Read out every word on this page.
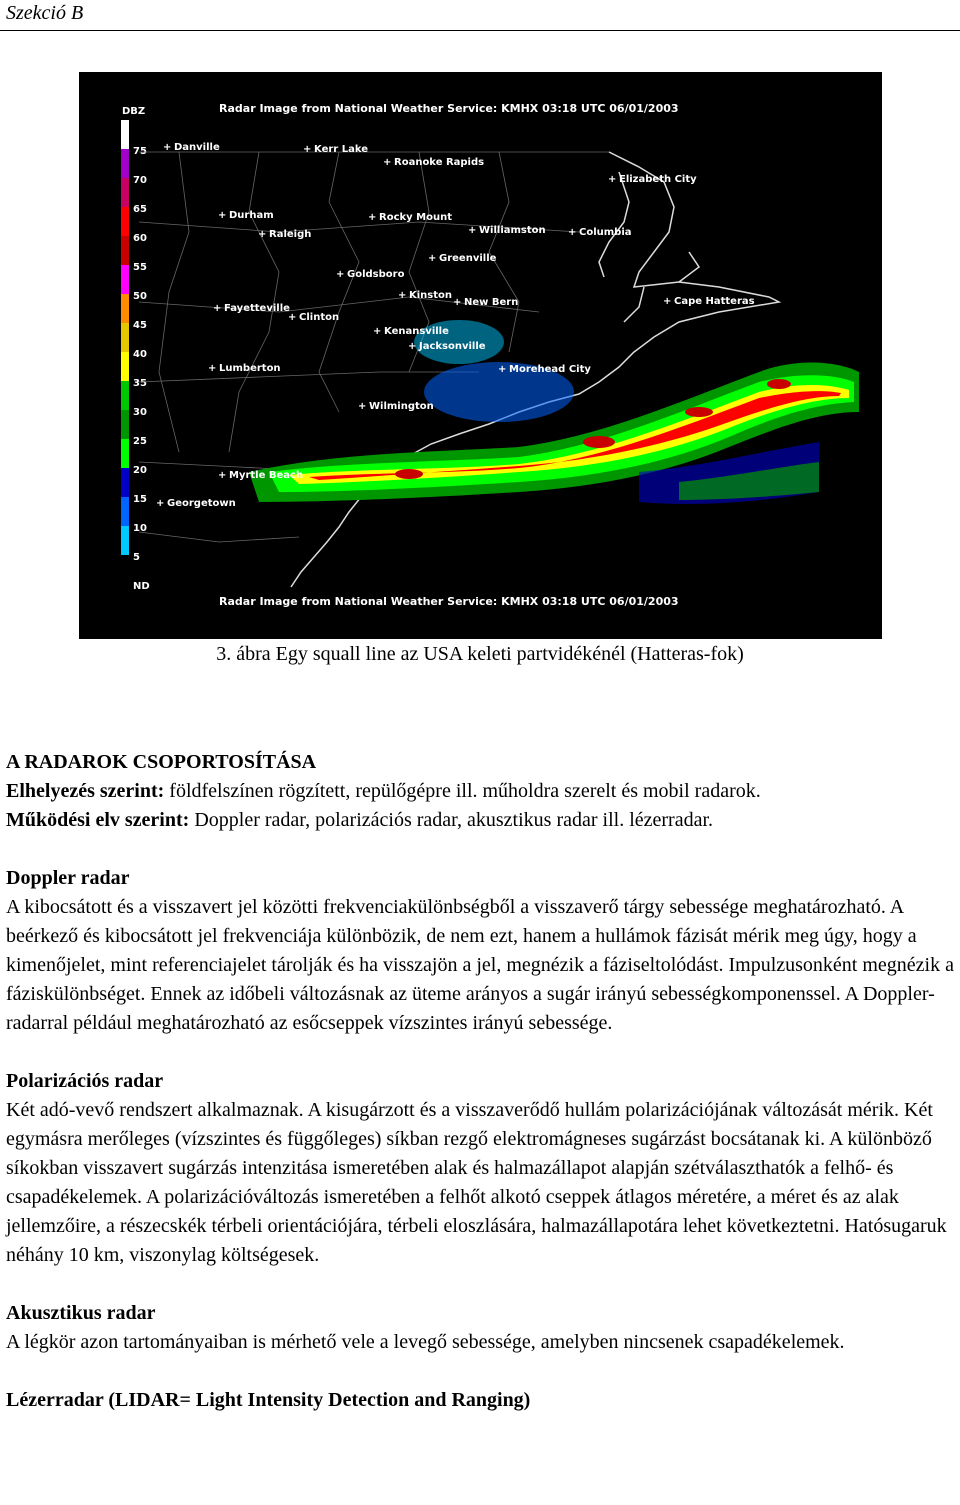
Szekció B
Radar Image from National Weather Service: KMHX 03:18 UTC 06/01/2003
Radar Image from National Weather Service: KMHX 03:18 UTC 06/01/2003
DBZ
75
70
65
60
55
50
45
40
35
30
25
20
15
10
5
ND
+ Danville	+ Kerr Lake
+ Roanoke Rapids
+ Elizabeth City
+ Durham
+ Raleigh
+ Rocky Mount
+ Williamston + Columbia
+ Greenville
+ Goldsboro
+ Kinston
+ New Bern	+ Cape Hatteras
+ Fayetteville
+ Clinton
+ Kenansville
+ Jacksonville
+ Lumberton	+ Morehead City
+ Wilmington
+ Myrtle Beach
+ Georgetown
3. ábra Egy squall line az USA keleti partvidékénél (Hatteras-fok)
A RADAROK CSOPORTOSÍTÁSA
Elhelyezés szerint: földfelszínen rögzített, repülőgépre ill. műholdra szerelt és mobil radarok.
Működési elv szerint: Doppler radar, polarizációs radar, akusztikus radar ill. lézerradar.
Doppler radar
A kibocsátott és a visszavert jel közötti frekvenciakülönbségből a visszaverő tárgy sebessége meghatározható. A beérkező és kibocsátott jel frekvenciája különbözik, de nem ezt, hanem a hullámok fázisát mérik meg úgy, hogy a kimenőjelet, mint referenciajelet tárolják és ha visszajön a jel, megnézik a fáziseltolódást. Impulzusonként megnézik a fáziskülönbséget. Ennek az időbeli változásnak az üteme arányos a sugár irányú sebességkomponenssel. A Doppler-radarral például meghatározható az esőcseppek vízszintes irányú sebessége.
Polarizációs radar
Két adó-vevő rendszert alkalmaznak. A kisugárzott és a visszaverődő hullám polarizációjának változását mérik. Két egymásra merőleges (vízszintes és függőleges) síkban rezgő elektromágneses sugárzást bocsátanak ki. A különböző síkokban visszavert sugárzás intenzitása ismeretében alak és halmazállapot alapján szétválaszthatók a felhő- és csapadékelemek. A polarizációváltozás ismeretében a felhőt alkotó cseppek átlagos méretére, a méret és az alak jellemzőire, a részecskék térbeli orientációjára, térbeli eloszlására, halmazállapotára lehet következtetni. Hatósugaruk néhány 10 km, viszonylag költségesek.
Akusztikus radar
A légkör azon tartományaiban is mérhető vele a levegő sebessége, amelyben nincsenek csapadékelemek.
Lézerradar (LIDAR= Light Intensity Detection and Ranging)
